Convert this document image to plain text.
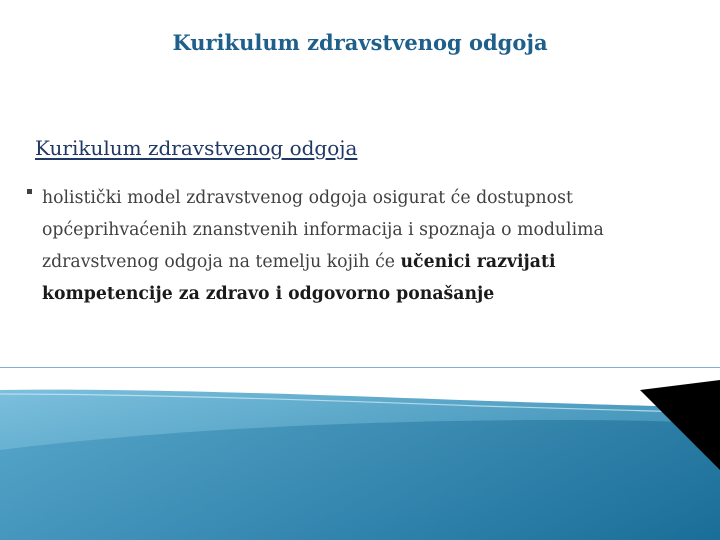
Kurikulum zdravstvenog odgoja
Kurikulum zdravstvenog odgoja
holistički model zdravstvenog odgoja osigurat će dostupnost općeprihvaćenih znanstvenih informacija i spoznaja o modulima zdravstvenog odgoja na temelju kojih će učenici razvijati kompetencije za zdravo i odgovorno ponašanje
